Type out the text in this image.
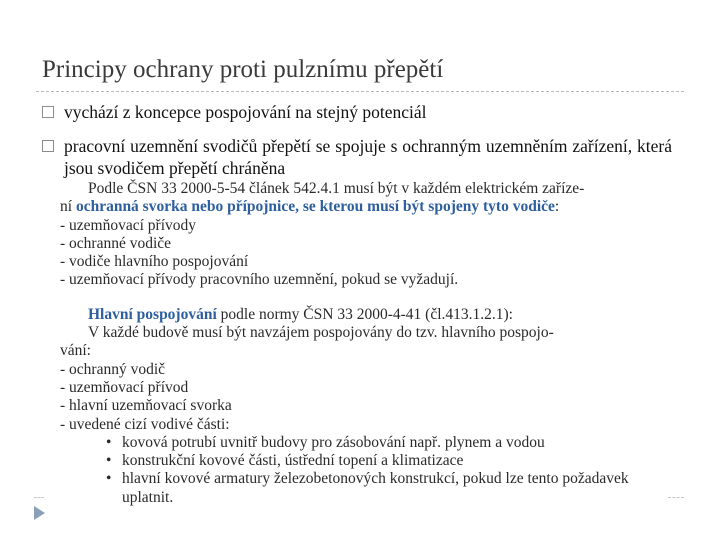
Principy ochrany proti pulznímu přepětí
vychází z koncepce pospojování na stejný potenciál
pracovní uzemnění svodičů přepětí se spojuje s ochranným uzemněním zařízení, která jsou svodičem přepětí chráněna

Podle ČSN 33 2000-5-54 článek 542.4.1 musí být v každém elektrickém zaříze-

ní ochranná svorka nebo přípojnice, se kterou musí být spojeny tyto vodiče:

- uzemňovací přívody
- ochranné vodiče
- vodiče hlavního pospojování
- uzemňovací přívody pracovního uzemnění, pokud se vyžadují.

Hlavní pospojování podle normy ČSN 33 2000-4-41 (čl.413.1.2.1):

V každé budově musí být navzájem pospojovány do tzv. hlavního pospojo-

vání:

- ochranný vodič
- uzemňovací přívod
- hlavní uzemňovací svorka
- uvedené cizí vodivé části:
• kovová potrubí uvnitř budovy pro zásobování např. plynem a vodou
• konstrukční kovové části, ústřední topení a klimatizace
• hlavní kovové armatury železobetonových konstrukcí, pokud lze tento požadavek uplatnit.
